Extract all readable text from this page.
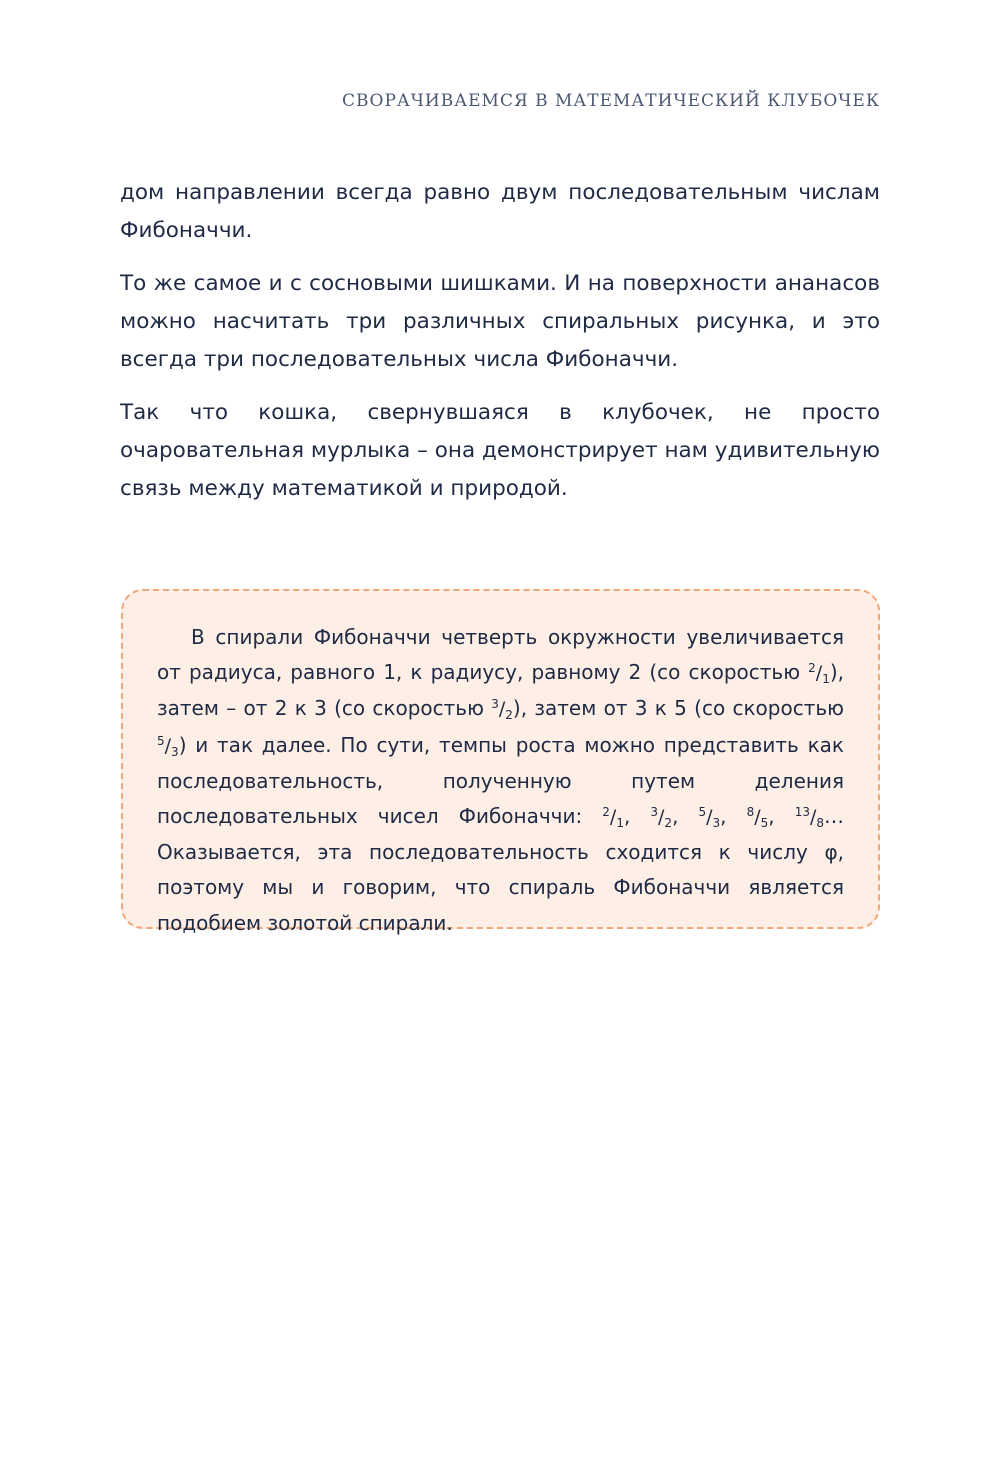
СВОРАЧИВАЕМСЯ В МАТЕМАТИЧЕСКИЙ КЛУБОЧЕК

дом направлении всегда равно двум последовательным числам Фибоначчи.

То же самое и с сосновыми шишками. И на поверхности ананасов можно насчитать три различных спиральных рисунка, и это всегда три последовательных числа Фибоначчи.

Так что кошка, свернувшаяся в клубочек, не просто очаровательная мурлыка – она демонстрирует нам удивительную связь между математикой и природой.

В спирали Фибоначчи четверть окружности увеличивается от радиуса, равного 1, к радиусу, равному 2 (со скоростью $^2/_1$), затем – от 2 к 3 (со скоростью $^3/_2$), затем от 3 к 5 (со скоростью $^5/_3$) и так далее. По сути, темпы роста можно представить как последовательность, полученную путем деления последовательных чисел Фибоначчи: $^2/_1$, $^3/_2$, $^5/_3$, $^8/_5$, $^{13}/_8\dots$ Оказывается, эта последовательность сходится к числу φ, поэтому мы и говорим, что спираль Фибоначчи является подобием золотой спирали.
